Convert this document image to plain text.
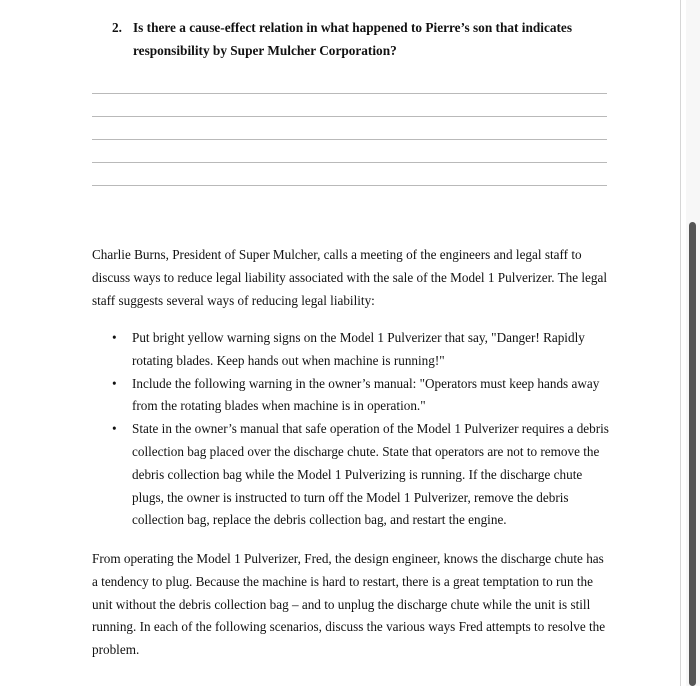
2. Is there a cause-effect relation in what happened to Pierre’s son that indicates responsibility by Super Mulcher Corporation?

Charlie Burns, President of Super Mulcher, calls a meeting of the engineers and legal staff to discuss ways to reduce legal liability associated with the sale of the Model 1 Pulverizer. The legal staff suggests several ways of reducing legal liability:

• Put bright yellow warning signs on the Model 1 Pulverizer that say, "Danger! Rapidly rotating blades. Keep hands out when machine is running!"
• Include the following warning in the owner’s manual: "Operators must keep hands away from the rotating blades when machine is in operation."
• State in the owner’s manual that safe operation of the Model 1 Pulverizer requires a debris collection bag placed over the discharge chute. State that operators are not to remove the debris collection bag while the Model 1 Pulverizing is running. If the discharge chute plugs, the owner is instructed to turn off the Model 1 Pulverizer, remove the debris collection bag, replace the debris collection bag, and restart the engine.

From operating the Model 1 Pulverizer, Fred, the design engineer, knows the discharge chute has a tendency to plug. Because the machine is hard to restart, there is a great temptation to run the unit without the debris collection bag – and to unplug the discharge chute while the unit is still running. In each of the following scenarios, discuss the various ways Fred attempts to resolve the problem.
